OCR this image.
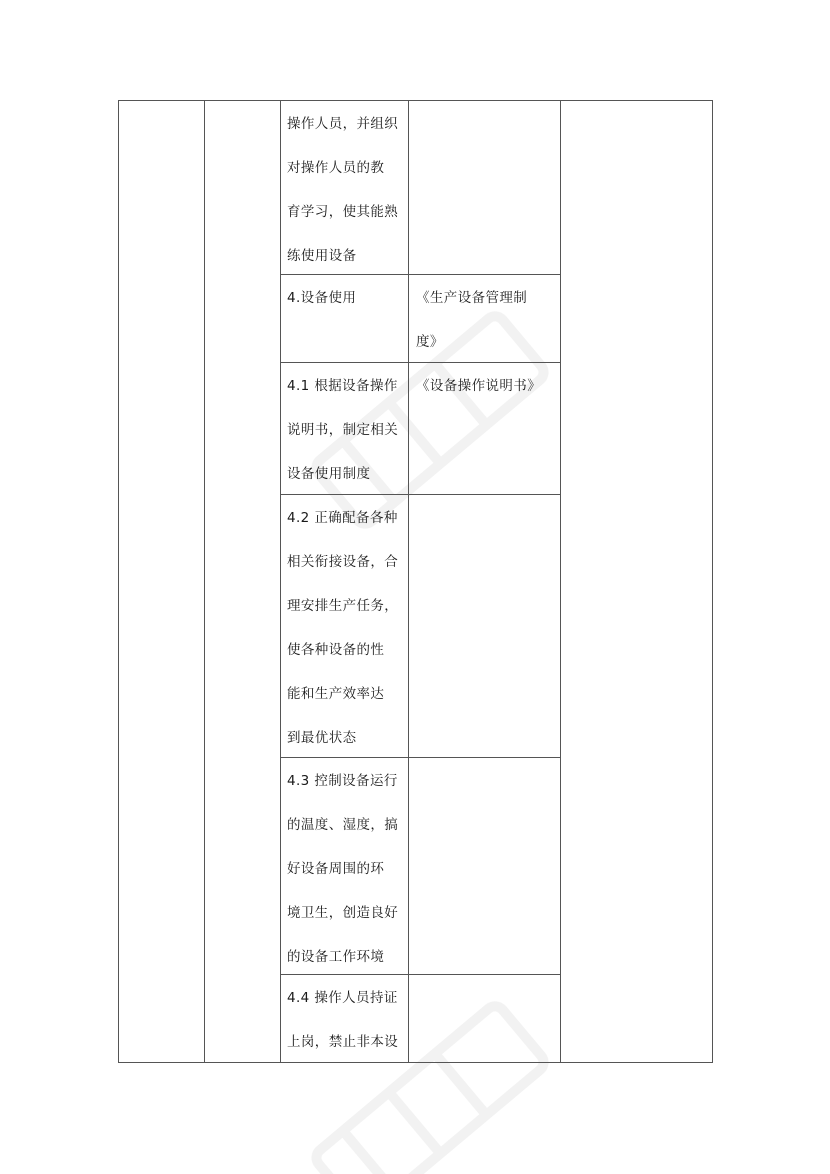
操作人员，并组织
对操作人员的教
育学习，使其能熟
练使用设备
4.设备使用	《生产设备管理制
度》
4.1 根据设备操作
说明书，制定相关
设备使用制度
《设备操作说明书》
4.2 正确配备各种
相关衔接设备，合
理安排生产任务，
使各种设备的性
能和生产效率达
到最优状态
4.3 控制设备运行
的温度、湿度，搞
好设备周围的环
境卫生，创造良好
的设备工作环境
4.4 操作人员持证
上岗，禁止非本设
